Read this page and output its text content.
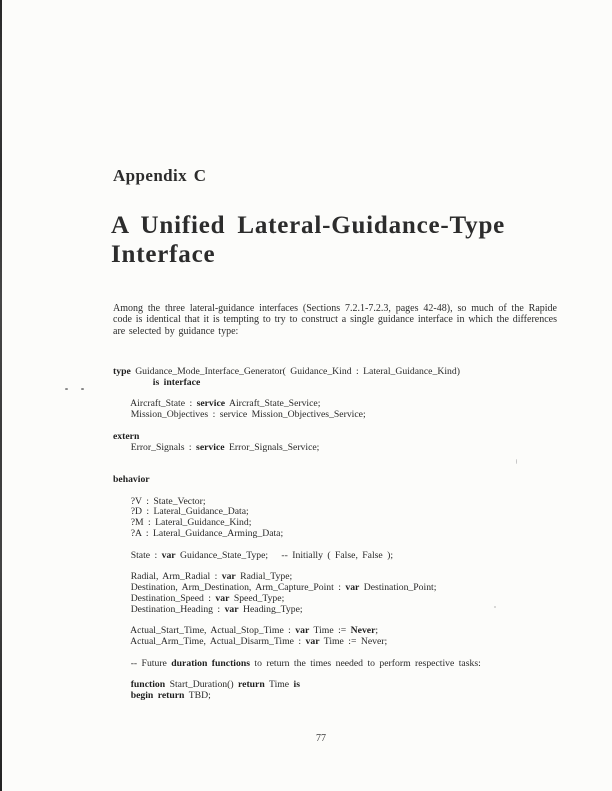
Appendix C
A Unified Lateral-Guidance-Type
Interface
Among the three lateral-guidance interfaces (Sections 7.2.1-7.2.3, pages 42-48), so much of the Rapide code is identical that it is tempting to try to construct a single guidance interface in which the differences are selected by guidance type:
type Guidance_Mode_Interface_Generator( Guidance_Kind : Lateral_Guidance_Kind)
is interface

Aircraft_State : service Aircraft_State_Service;
Mission_Objectives : service Mission_Objectives_Service;

extern
Error_Signals : service Error_Signals_Service;

behavior

?V : State_Vector;
?D : Lateral_Guidance_Data;
?M : Lateral_Guidance_Kind;
?A : Lateral_Guidance_Arming_Data;

State : var Guidance_State_Type;   -- Initially ( False, False );

Radial, Arm_Radial : var Radial_Type;
Destination, Arm_Destination, Arm_Capture_Point : var Destination_Point;
Destination_Speed : var Speed_Type;
Destination_Heading : var Heading_Type;

Actual_Start_Time, Actual_Stop_Time : var Time := Never;
Actual_Arm_Time, Actual_Disarm_Time : var Time := Never;

-- Future duration functions to return the times needed to perform respective tasks:

function Start_Duration() return Time is
begin return TBD;
77
